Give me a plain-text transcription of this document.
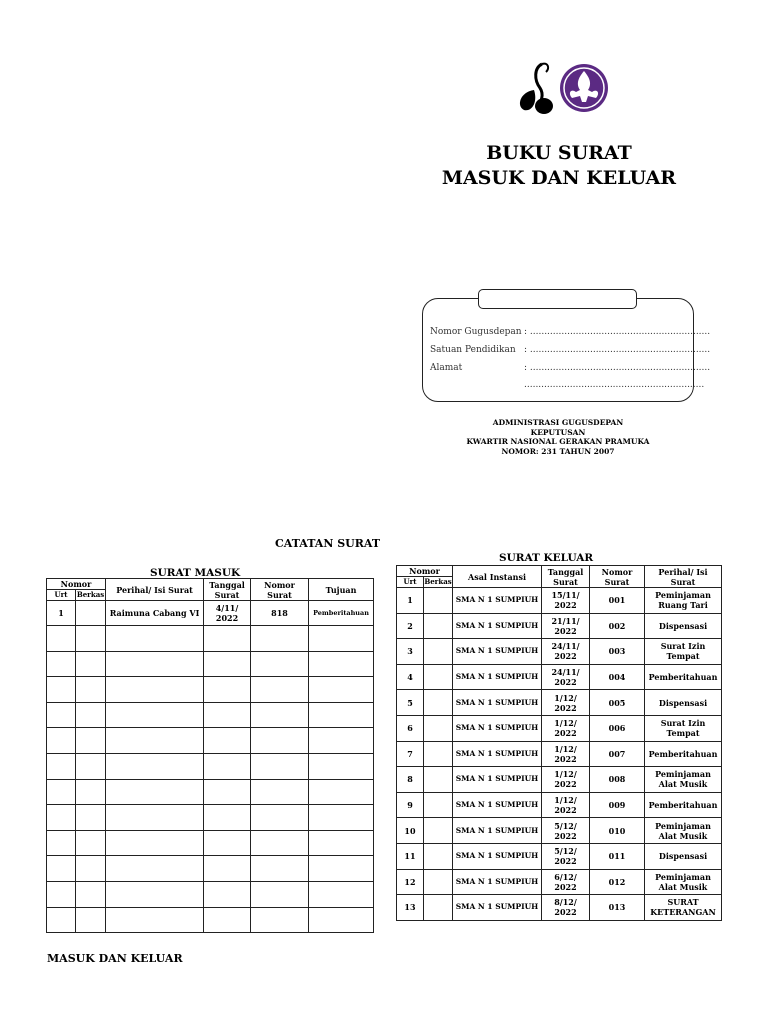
BUKU SURAT
MASUK DAN KELUAR
Nomor Gugusdepan : ...............................................................
Satuan Pendidikan : ...............................................................
Alamat	: ...............................................................
...............................................................
ADMINISTRASI GUGUSDEPAN
KEPUTUSAN
KWARTIR NASIONAL GERAKAN PRAMUKA
NOMOR: 231 TAHUN 2007
CATATAN SURAT
SURAT MASUK
SURAT KELUAR
Nomor		Perihal/ Isi Surat	Tanggal Surat	Nomor Surat	Tujuan
Urt	Berkas				
1		Raimuna Cabang VI	4/11/ 2022	818	Pemberitahuan

Nomor		Asal Instansi	Tanggal Surat	Nomor Surat	Perihal/ Isi Surat
Urt	Berkas				
1		SMA N 1 SUMPIUH	15/11/ 2022	001	Peminjaman Ruang Tari
2		SMA N 1 SUMPIUH	21/11/ 2022	002	Dispensasi
3		SMA N 1 SUMPIUH	24/11/ 2022	003	Surat Izin Tempat
4		SMA N 1 SUMPIUH	24/11/ 2022	004	Pemberitahuan
5		SMA N 1 SUMPIUH	1/12/ 2022	005	Dispensasi
6		SMA N 1 SUMPIUH	1/12/ 2022	006	Surat Izin Tempat
7		SMA N 1 SUMPIUH	1/12/ 2022	007	Pemberitahuan
8		SMA N 1 SUMPIUH	1/12/ 2022	008	Peminjaman Alat Musik
9		SMA N 1 SUMPIUH	1/12/ 2022	009	Pemberitahuan
10		SMA N 1 SUMPIUH	5/12/ 2022	010	Peminjaman Alat Musik
11		SMA N 1 SUMPIUH	5/12/ 2022	011	Dispensasi
12		SMA N 1 SUMPIUH	6/12/ 2022	012	Peminjaman Alat Musik
13		SMA N 1 SUMPIUH	8/12/ 2022	013	SURAT KETERANGAN
MASUK DAN KELUAR
